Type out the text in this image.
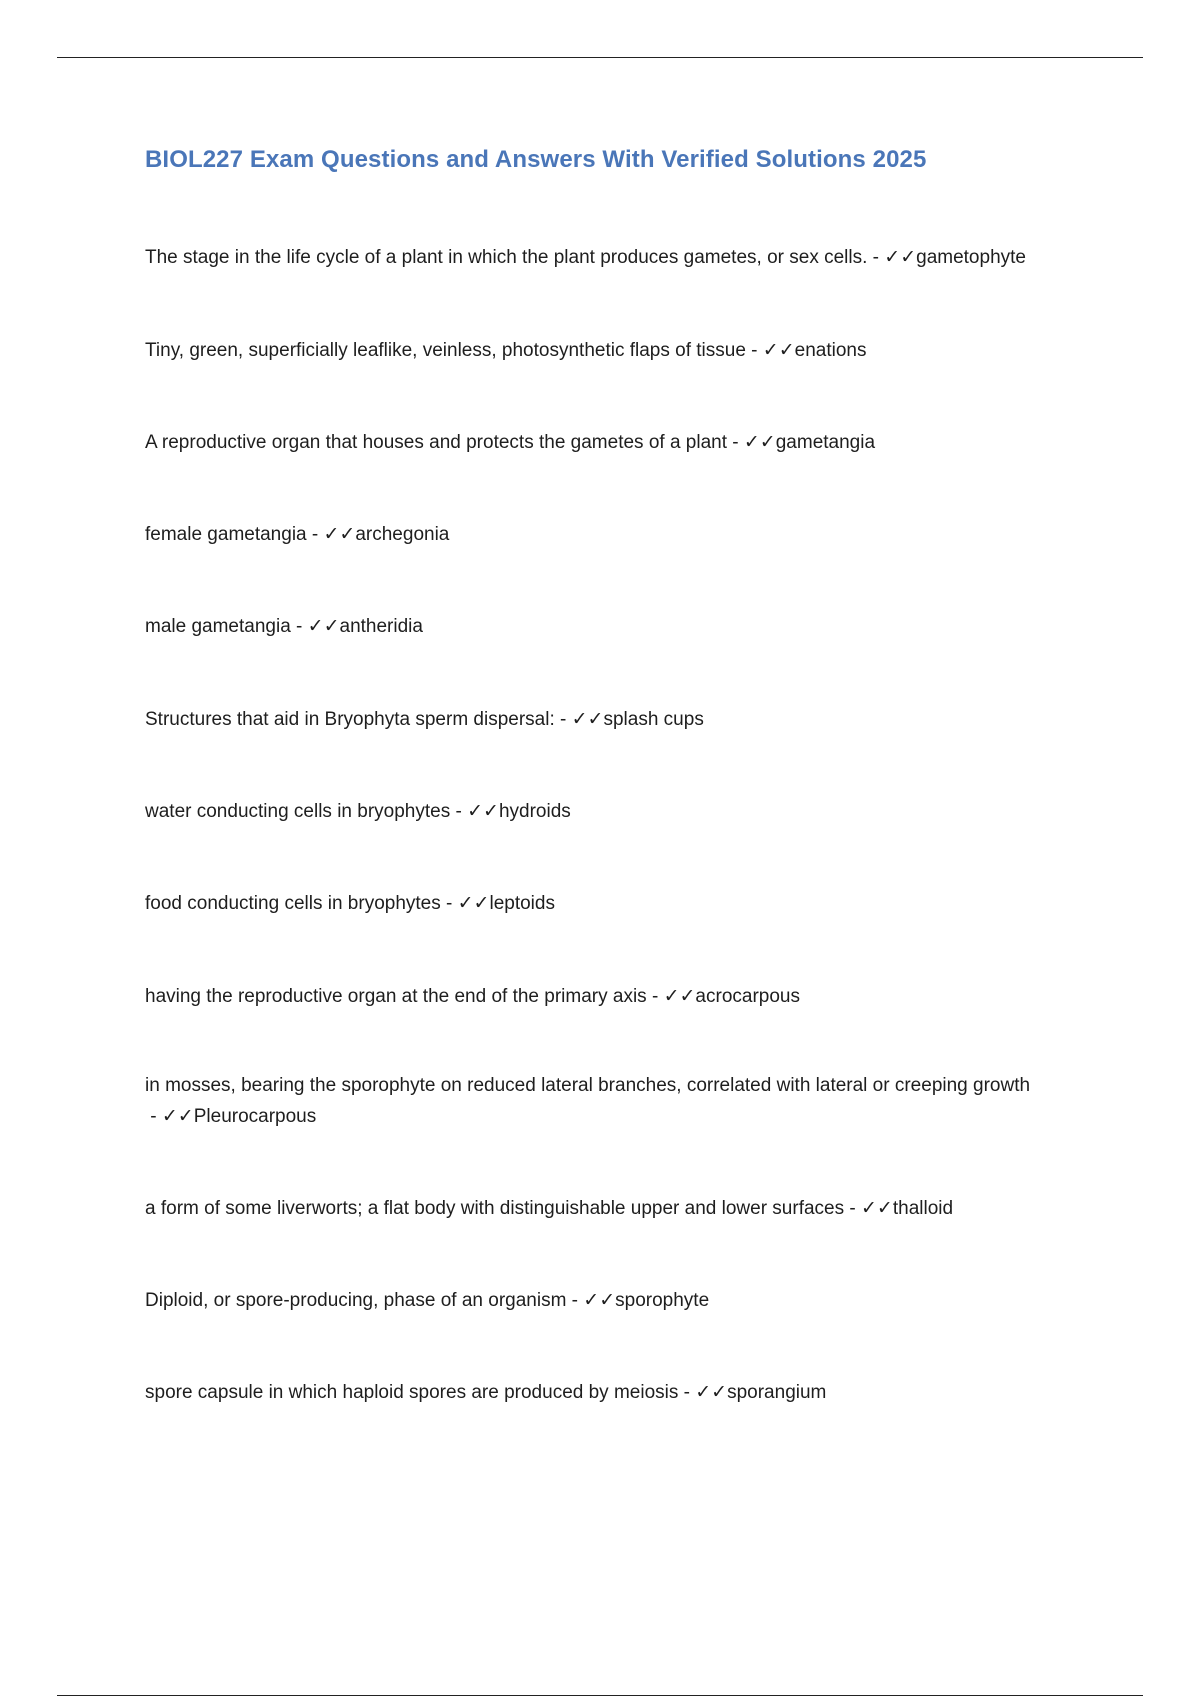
BIOL227 Exam Questions and Answers With Verified Solutions 2025

The stage in the life cycle of a plant in which the plant produces gametes, or sex cells. - ✓✓gametophyte

Tiny, green, superficially leaflike, veinless, photosynthetic flaps of tissue - ✓✓enations

A reproductive organ that houses and protects the gametes of a plant - ✓✓gametangia

female gametangia - ✓✓archegonia

male gametangia - ✓✓antheridia

Structures that aid in Bryophyta sperm dispersal: - ✓✓splash cups

water conducting cells in bryophytes - ✓✓hydroids

food conducting cells in bryophytes - ✓✓leptoids

having the reproductive organ at the end of the primary axis - ✓✓acrocarpous

in mosses, bearing the sporophyte on reduced lateral branches, correlated with lateral or creeping growth - ✓✓Pleurocarpous

a form of some liverworts; a flat body with distinguishable upper and lower surfaces - ✓✓thalloid

Diploid, or spore-producing, phase of an organism - ✓✓sporophyte

spore capsule in which haploid spores are produced by meiosis - ✓✓sporangium
